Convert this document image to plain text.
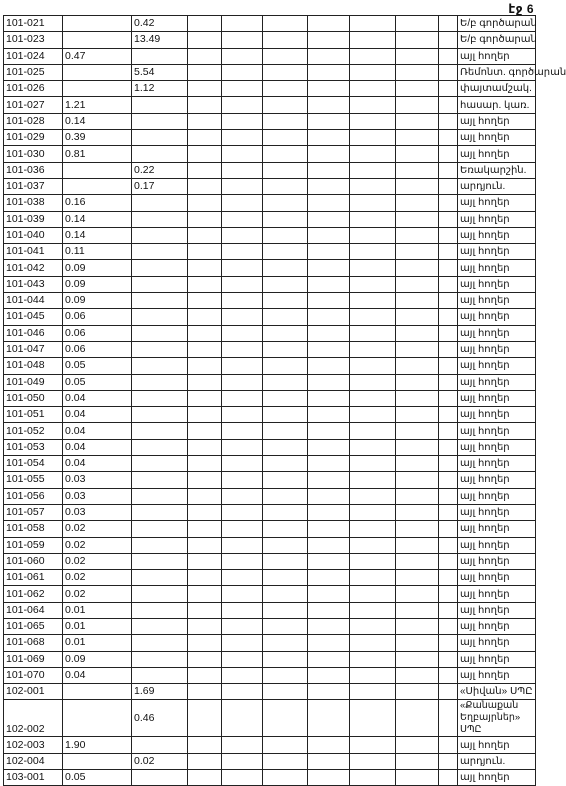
էջ 6
101-021		0.42								Ե/բ գործարան
101-023		13.49								Ե/բ գործարան
101-024	0.47									այլ հողեր
101-025		5.54								Ռեմոնտ. գործարան
101-026		1.12								փայտամշակ.
101-027	1.21									հասար. կառ.
101-028	0.14									այլ հողեր
101-029	0.39									այլ հողեր
101-030	0.81									այլ հողեր
101-036		0.22								Եռակարշին.
101-037		0.17								արդյուն.
101-038	0.16									այլ հողեր
101-039	0.14									այլ հողեր
101-040	0.14									այլ հողեր
101-041	0.11									այլ հողեր
101-042	0.09									այլ հողեր
101-043	0.09									այլ հողեր
101-044	0.09									այլ հողեր
101-045	0.06									այլ հողեր
101-046	0.06									այլ հողեր
101-047	0.06									այլ հողեր
101-048	0.05									այլ հողեր
101-049	0.05									այլ հողեր
101-050	0.04									այլ հողեր
101-051	0.04									այլ հողեր
101-052	0.04									այլ հողեր
101-053	0.04									այլ հողեր
101-054	0.04									այլ հողեր
101-055	0.03									այլ հողեր
101-056	0.03									այլ հողեր
101-057	0.03									այլ հողեր
101-058	0.02									այլ հողեր
101-059	0.02									այլ հողեր
101-060	0.02									այլ հողեր
101-061	0.02									այլ հողեր
101-062	0.02									այլ հողեր
101-064	0.01									այլ հողեր
101-065	0.01									այլ հողեր
101-068	0.01									այլ հողեր
101-069	0.09									այլ հողեր
101-070	0.04									այլ հողեր
102-001		1.69								«Սիվան» ՍՊԸ
102-002		0.46								«Քանաքան Եղբայրներ» ՍՊԸ
102-003	1.90									այլ հողեր
102-004		0.02								արդյուն.
103-001	0.05									այլ հողեր
